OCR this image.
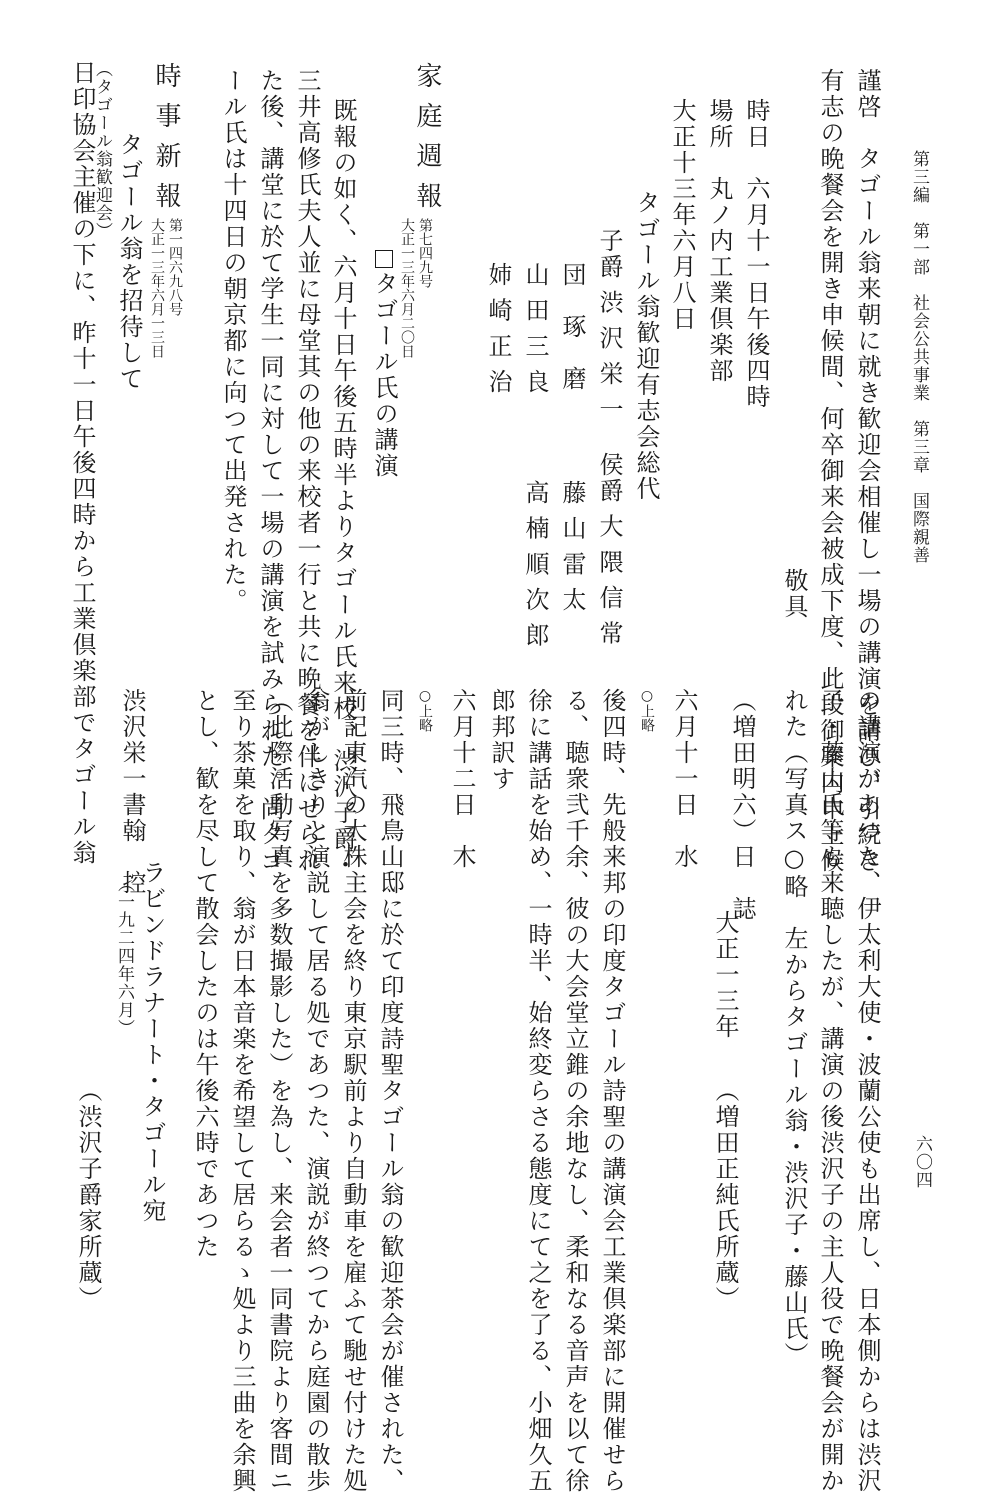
第三編　第一部　社会公共事業　第三章　国際親善
六〇四
謹啓　タゴール翁来朝に就き歓迎会相催し一場の講演を請ひ、引続き
有志の晩餐会を開き申候間、何卒御来会被成下度、此段御案内申上候
敬具
時日　六月十一日午後四時
場所　丸ノ内工業倶楽部
大正十三年六月八日
タゴール翁歓迎有志会総代
子爵 渋 沢 栄 一
団　琢　磨
山 田 三 良
姉 崎 正 治
侯爵 大 隈 信 常
藤 山 雷 太
高 楠 順 次 郎
家庭週報
第七四九号
大正一三年六月二〇日
タゴール氏の講演
既報の如く、六月十日午後五時半よりタゴール氏来校、渋沢子爵・
三井高修氏夫人並に母堂其の他の来校者一行と共に晩餐を伴にせられ
た後、講堂に於て学生一同に対して一場の講演を試みられた。尚タゴ
ール氏は十四日の朝京都に向つて出発された。
時事新報
第一四六九八号
大正一三年六月一三日
タゴール翁を招待して
（タゴール翁歓迎会）
日印協会主催の下に、昨十一日午後四時から工業倶楽部でタゴール翁
の講演があつた、伊太利大使・波蘭公使も出席し、日本側からは渋沢
子・藤山氏等も来聴したが、講演の後渋沢子の主人役で晩餐会が開か
れた（写真ス○略　左からタゴール翁・渋沢子・藤山氏）
（増田明六）日　誌
大正一三年
（増田正純氏所蔵）
六月十一日　水
○上略
後四時、先般来邦の印度タゴール詩聖の講演会工業倶楽部に開催せら
る、聴衆弐千余、彼の大会堂立錐の余地なし、柔和なる音声を以て徐
徐に講話を始め、一時半、始終変らさる態度にて之を了る、小畑久五
郎邦訳す
六月十二日　木
○上略
同三時、飛鳥山邸に於て印度詩聖タゴール翁の歓迎茶会が催された、
前記東汽の大株主会を終り東京駅前より自動車を雇ふて馳せ付けた処
翁がしきりと演説して居る処であつた、演説が終つてから庭園の散歩
（此際活動写真を多数撮影した）を為し、来会者一同書院より客間ニ
至り茶菓を取り、翁が日本音楽を希望して居らるゝ処より三曲を余興
とし、歓を尽して散会したのは午後六時であつた
渋沢栄一書翰　控
ラビンドラナート・タゴール宛
（一九二四年六月）
（渋沢子爵家所蔵）
